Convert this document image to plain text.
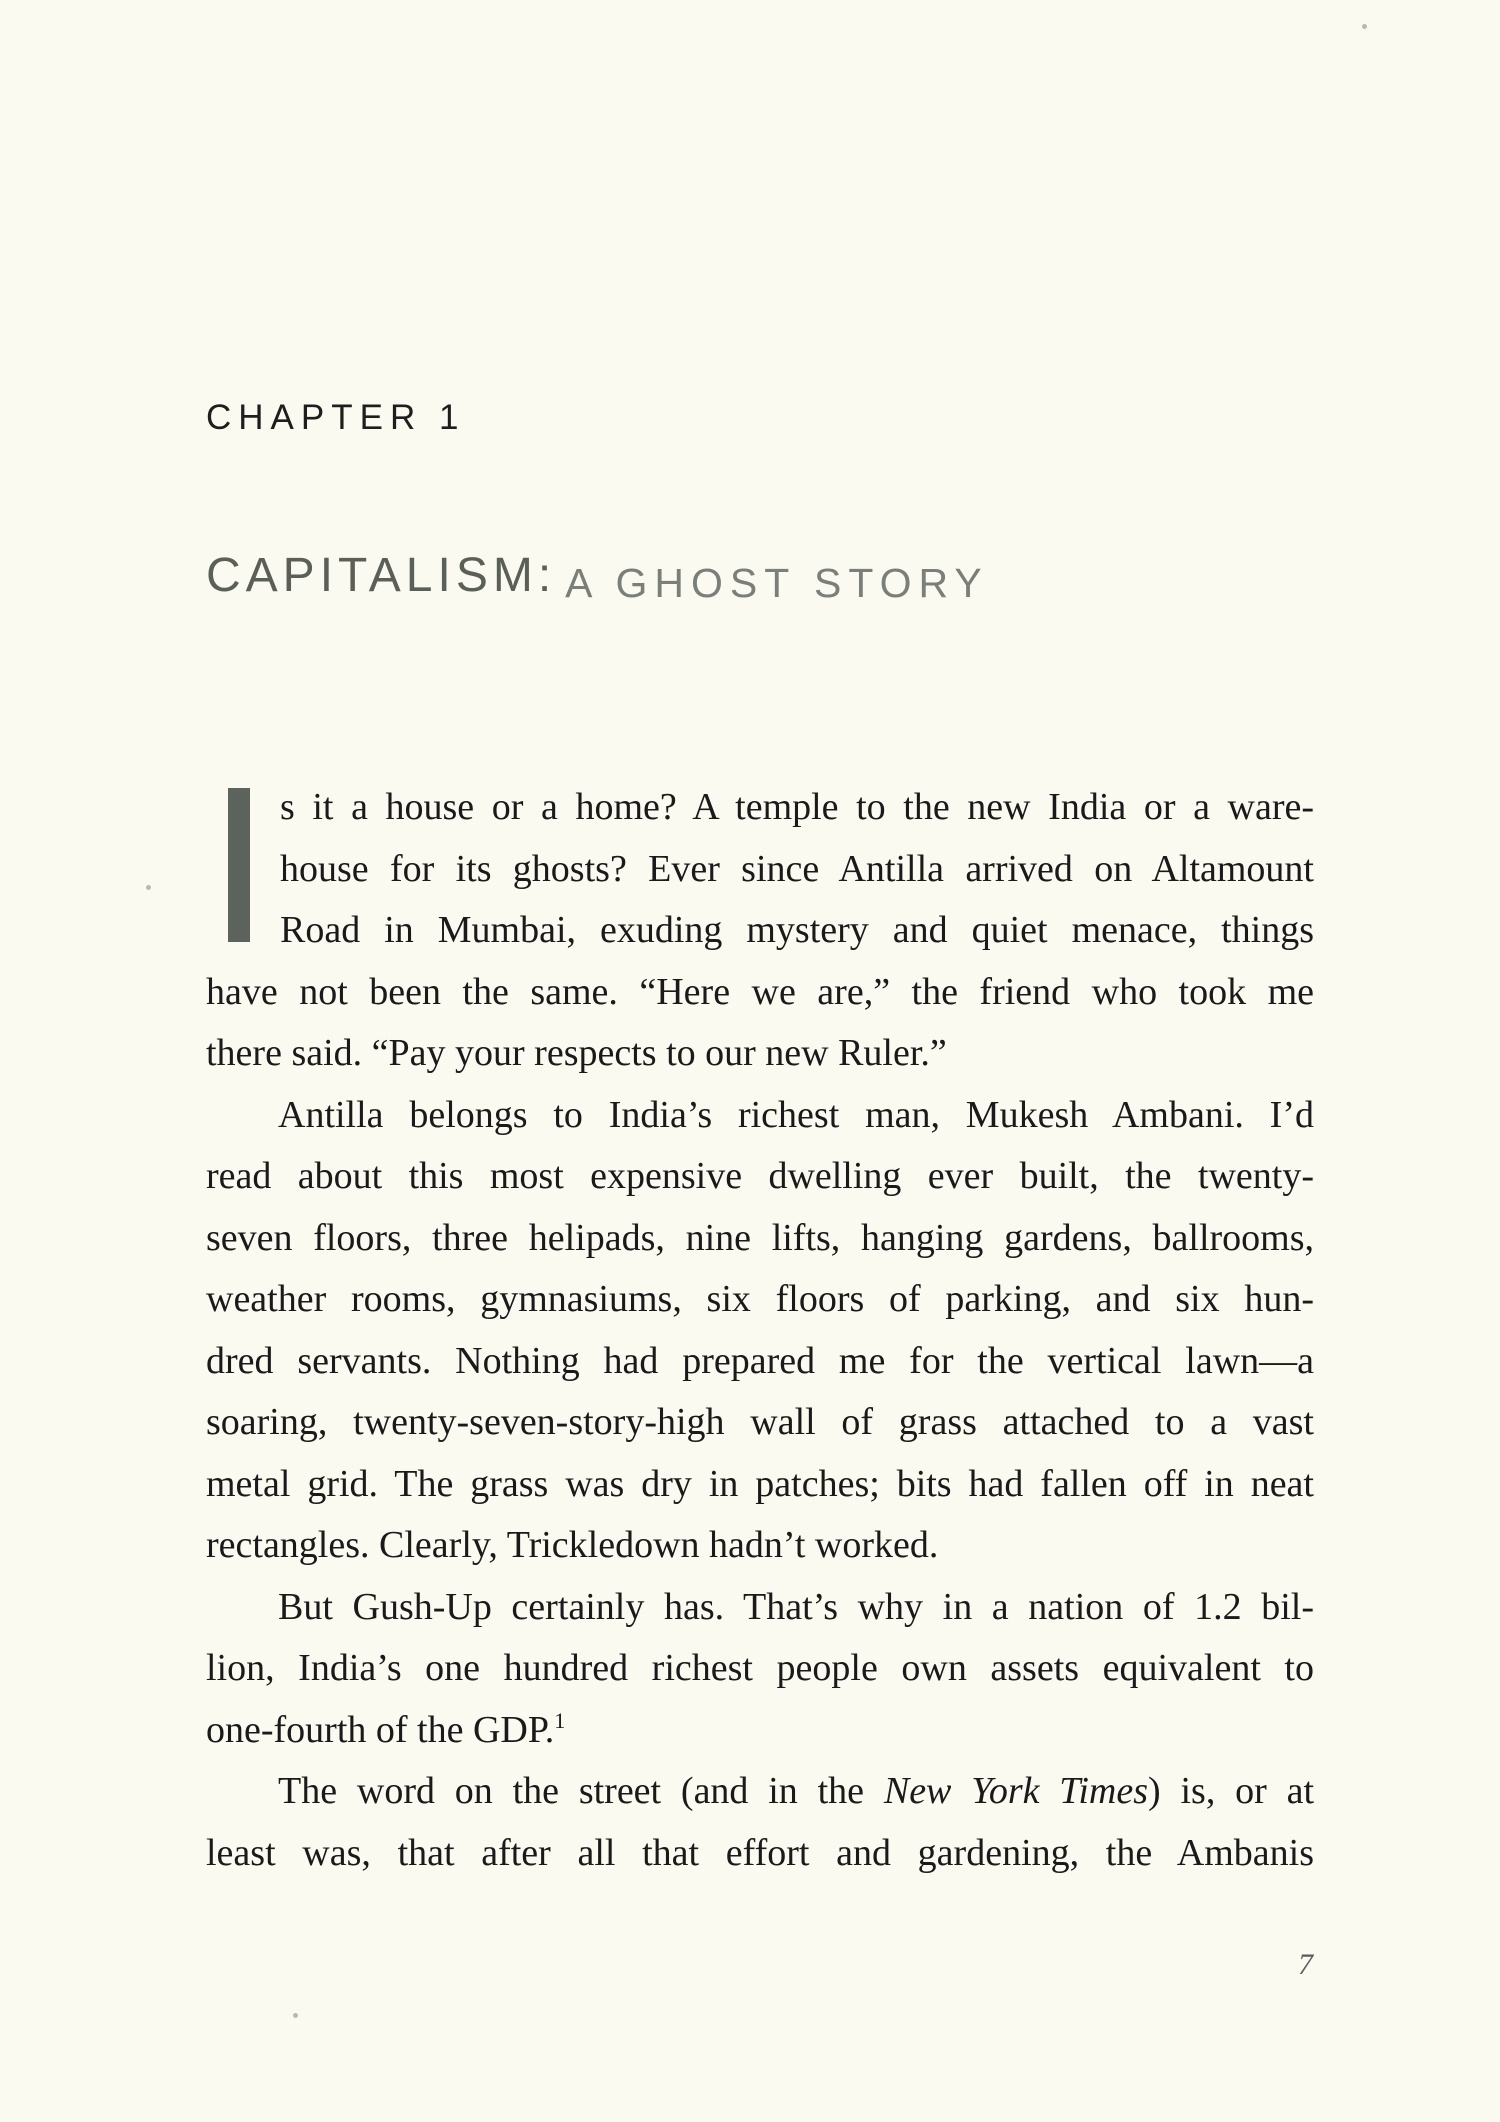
CHAPTER 1

CAPITALISM: A GHOST STORY
s it a house or a home? A temple to the new India or a ware-
house for its ghosts? Ever since Antilla arrived on Altamount
Road in Mumbai, exuding mystery and quiet menace, things
have not been the same. “Here we are,” the friend who took me
there said. “Pay your respects to our new Ruler.”
Antilla belongs to India’s richest man, Mukesh Ambani. I’d
read about this most expensive dwelling ever built, the twenty-
seven floors, three helipads, nine lifts, hanging gardens, ballrooms,
weather rooms, gymnasiums, six floors of parking, and six hun-
dred servants. Nothing had prepared me for the vertical lawn—a
soaring, twenty-seven-story-high wall of grass attached to a vast
metal grid. The grass was dry in patches; bits had fallen off in neat
rectangles. Clearly, Trickledown hadn’t worked.
But Gush-Up certainly has. That’s why in a nation of 1.2 bil-
lion, India’s one hundred richest people own assets equivalent to
one-fourth of the GDP.$^1$
The word on the street (and in the New York Times) is, or at
least was, that after all that effort and gardening, the Ambanis

7
